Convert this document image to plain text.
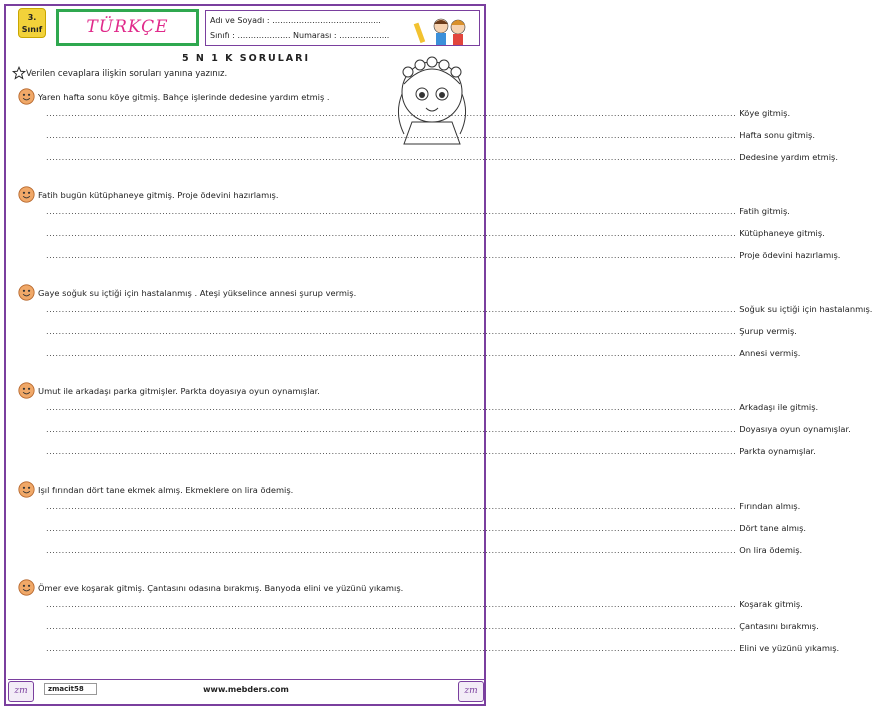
3.
Sınıf	TÜRKÇE	Adı ve Soyadı : ……………………………….....
Sınıfı : ……………….. Numarası : ……………....
5 N 1 K SORULARI
Verilen cevaplara ilişkin soruları yanına yazınız.
Yaren hafta sonu köye gitmiş. Bahçe işlerinde dedesine yardım etmiş .
............................................................................................................................................................................................................................ Köye gitmiş.
............................................................................................................................................................................................................................ Hafta sonu gitmiş.
............................................................................................................................................................................................................................ Dedesine yardım etmiş.
Fatih bugün kütüphaneye gitmiş. Proje ödevini hazırlamış.
............................................................................................................................................................................................................................ Fatih gitmiş.
............................................................................................................................................................................................................................ Kütüphaneye gitmiş.
............................................................................................................................................................................................................................ Proje ödevini hazırlamış.
Gaye soğuk su içtiği için hastalanmış . Ateşi yükselince annesi şurup vermiş.
............................................................................................................................................................................................................................ Soğuk su içtiği için hastalanmış.
............................................................................................................................................................................................................................ Şurup vermiş.
............................................................................................................................................................................................................................ Annesi vermiş.
Umut ile arkadaşı parka gitmişler. Parkta doyasıya oyun oynamışlar.
............................................................................................................................................................................................................................ Arkadaşı ile gitmiş.
............................................................................................................................................................................................................................ Doyasıya oyun oynamışlar.
............................................................................................................................................................................................................................ Parkta oynamışlar.
Işıl fırından dört tane ekmek almış. Ekmeklere on lira ödemiş.
............................................................................................................................................................................................................................ Fırından almış.
............................................................................................................................................................................................................................ Dört tane almış.
............................................................................................................................................................................................................................ On lira ödemiş.
Ömer eve koşarak gitmiş. Çantasını odasına bırakmış. Banyoda elini ve yüzünü yıkamış.
............................................................................................................................................................................................................................ Koşarak gitmiş.
............................................................................................................................................................................................................................ Çantasını bırakmış.
............................................................................................................................................................................................................................ Elini ve yüzünü yıkamış.
zm	zmacit58	www.mebders.com	zm
